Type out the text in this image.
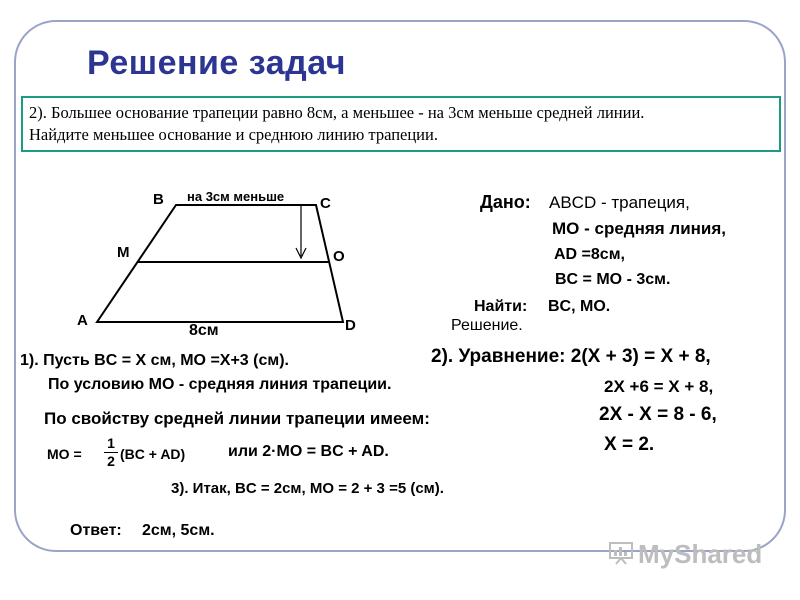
Решение задач
2). Большее основание трапеции равно 8см, а меньшее - на 3см меньше средней линии.
Найдите меньшее основание и среднюю линию трапеции.
на 3см меньше
B	C
M	O
A	D
8см
Дано: ABCD - трапеция,
MO - средняя линия,
AD =8см,
BC = MO - 3см.
Найти: BC, MO.
Решение.
1). Пусть BC = X см, MO =X+3 (см).
По условию MO - средняя линия трапеции.
По свойству средней линии трапеции имеем:
MO =
1
2 (BC + AD)	или 2·MO = BC + AD.
2). Уравнение: 2(X + 3) = X + 8,
2X +6 = X + 8,
2X - X = 8 - 6,
X = 2.
3). Итак, BC = 2см, MO = 2 + 3 =5 (см).
Ответ: 2см, 5см.
MyShared
